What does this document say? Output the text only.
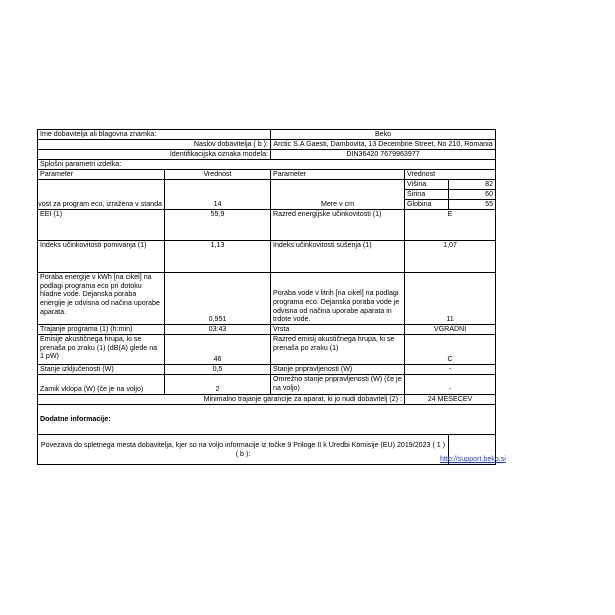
Ime dobavitelja ali blagovna znamka:		Beko		
Naslov dobavitelja ( b ):		Arctic S.A Gaesti, Dambovita, 13 Decembrie Street, No 210, Romania		
Identifikacijska oznaka modela:		DIN36420 7679963977		
Splošni parametri izdelka:				
Parameter	Vrednost	Parameter	Vrednost	

vost za program eco, izražena v standa	14	Mere v cm	Višina	82
			Širina	60
			Globina	55
EEI (1)	55,9	Razred energijske učinkovitosti (1)	E	
Indeks učinkovitosti pomivanja (1)	1,13	Indeks učinkovitosti sušenja (1)	1,07	
Poraba energije v kWh [na cikel] na podlagi programa eco pri dotoku hladne vode. Dejanska poraba energije je odvisna od načina uporabe aparata.	0,951	Poraba vode v litrih [na cikel] na podlagi programa eco. Dejanska poraba vode je odvisna od načina uporabe aparata in trdote vode.	11	
Trajanje programa (1) (h:min)	03:43	Vrsta	VGRADNI	
Emisije akustičnega hrupa, ki se prenaša po zraku (1) (dB(A) glede na 1 pW)	46	Razred emisij akustičnega hrupa, ki se prenaša po zraku (1)	C	
Stanje izključenosti (W)	0,5	Stanje pripravljenosti (W)	-	
Zamik vklopa (W) (če je na voljo)	2	Omrežno stanje pripravljenosti (W) (če je na voljo)	-	
Minimalno trajanje garancije za aparat, ki jo nudi dobavitelj (2) :			24 MESECEV	
Dodatne informacije:				
Povezava do spletnega mesta dobavitelja, kjer so na voljo informacije iz točke 9 Priloge II k Uredbi Komisije (EU) 2019/2023 ( 1 ) ( b ):				http://support.beko.si
